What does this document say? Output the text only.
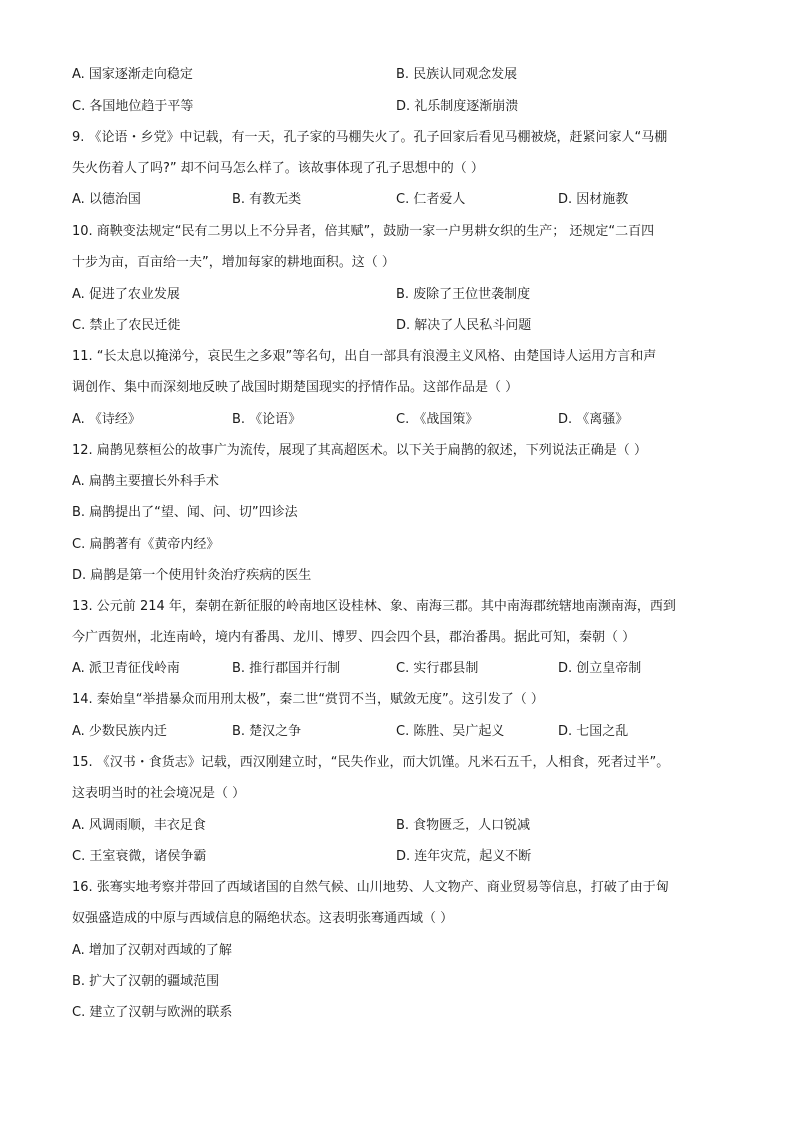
A. 国家逐渐走向稳定	B. 民族认同观念发展
C. 各国地位趋于平等	D. 礼乐制度逐渐崩溃
9. 《论语・乡党》中记载，有一天，孔子家的马棚失火了。孔子回家后看见马棚被烧，赶紧问家人“马棚
失火伤着人了吗?” 却不问马怎么样了。该故事体现了孔子思想中的（ ）
A. 以德治国	B. 有教无类	C. 仁者爱人	D. 因材施教
10. 商鞅变法规定“民有二男以上不分异者，倍其赋”，鼓励一家一户男耕女织的生产； 还规定“二百四
十步为亩，百亩给一夫”，增加每家的耕地面积。这（ ）
A. 促进了农业发展	B. 废除了王位世袭制度
C. 禁止了农民迁徙	D. 解决了人民私斗问题
11. “长太息以掩涕兮，哀民生之多艰”等名句，出自一部具有浪漫主义风格、由楚国诗人运用方言和声
调创作、集中而深刻地反映了战国时期楚国现实的抒情作品。这部作品是（ ）
A. 《诗经》	B. 《论语》	C. 《战国策》	D. 《离骚》
12. 扁鹊见蔡桓公的故事广为流传，展现了其高超医术。以下关于扁鹊的叙述，下列说法正确是（ ）
A. 扁鹊主要擅长外科手术
B. 扁鹊提出了“望、闻、问、切”四诊法
C. 扁鹊著有《黄帝内经》
D. 扁鹊是第一个使用针灸治疗疾病的医生
13. 公元前 214 年，秦朝在新征服的岭南地区设桂林、象、南海三郡。其中南海郡统辖地南濒南海，西到
今广西贺州，北连南岭，境内有番禺、龙川、博罗、四会四个县，郡治番禺。据此可知，秦朝（ ）
A. 派卫青征伐岭南	B. 推行郡国并行制	C. 实行郡县制	D. 创立皇帝制
14. 秦始皇“举措暴众而用刑太极”，秦二世“赏罚不当，赋敛无度”。这引发了（ ）
A. 少数民族内迁	B. 楚汉之争	C. 陈胜、吴广起义	D. 七国之乱
15. 《汉书・食货志》记载，西汉刚建立时，“民失作业，而大饥馑。凡米石五千，人相食，死者过半”。
这表明当时的社会境况是（ ）
A. 风调雨顺，丰衣足食	B. 食物匮乏，人口锐减
C. 王室衰微，诸侯争霸	D. 连年灾荒，起义不断
16. 张骞实地考察并带回了西域诸国的自然气候、山川地势、人文物产、商业贸易等信息，打破了由于匈
奴强盛造成的中原与西域信息的隔绝状态。这表明张骞通西域（ ）
A. 增加了汉朝对西域的了解
B. 扩大了汉朝的疆域范围
C. 建立了汉朝与欧洲的联系
